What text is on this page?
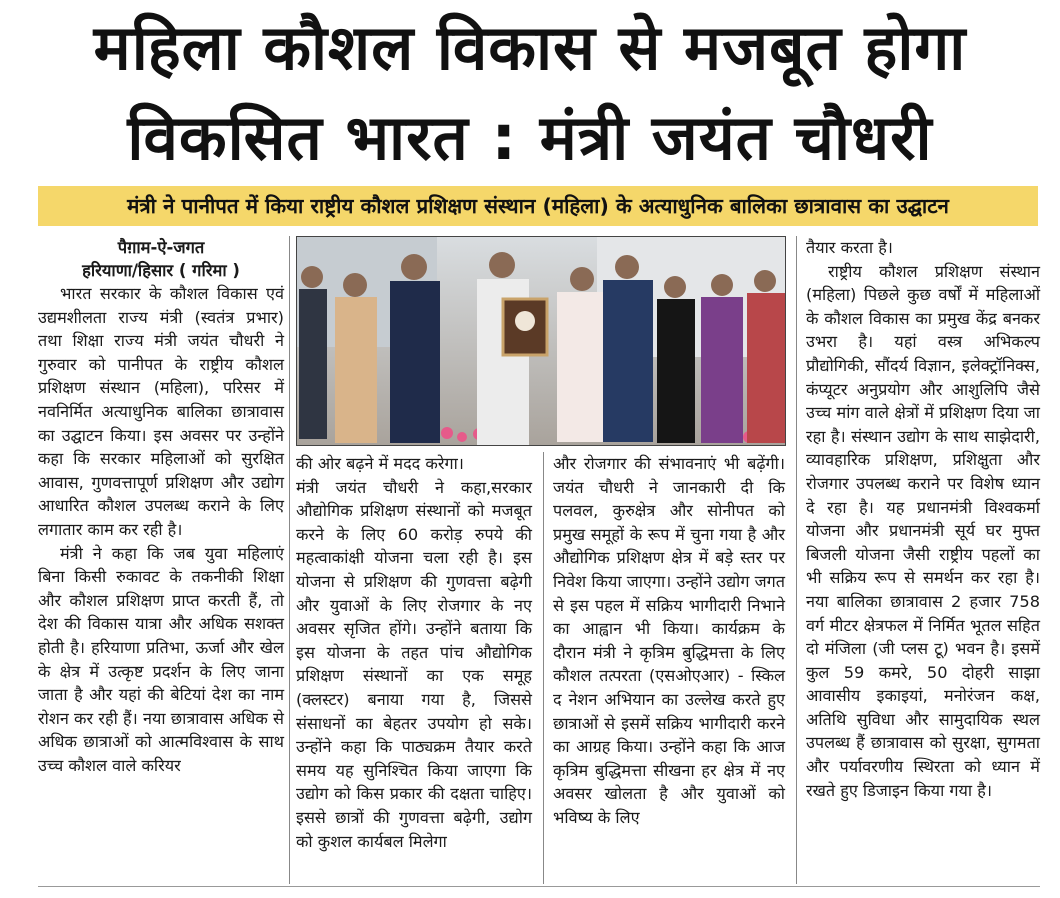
महिला कौशल विकास से मजबूत होगा
विकसित भारत : मंत्री जयंत चौधरी
मंत्री ने पानीपत में किया राष्ट्रीय कौशल प्रशिक्षण संस्थान (महिला) के अत्याधुनिक बालिका छात्रावास का उद्घाटन
पैग़ाम-ऐ-जगत
हरियाणा/हिसार ( गरिमा )

भारत सरकार के कौशल विकास एवं उद्यमशीलता राज्य मंत्री (स्वतंत्र प्रभार) तथा शिक्षा राज्य मंत्री जयंत चौधरी ने गुरुवार को पानीपत के राष्ट्रीय कौशल प्रशिक्षण संस्थान (महिला), परिसर में नवनिर्मित अत्याधुनिक बालिका छात्रावास का उद्घाटन किया। इस अवसर पर उन्होंने कहा कि सरकार महिलाओं को सुरक्षित आवास, गुणवत्तापूर्ण प्रशिक्षण और उद्योग आधारित कौशल उपलब्ध कराने के लिए लगातार काम कर रही है।

मंत्री ने कहा कि जब युवा महिलाएं बिना किसी रुकावट के तकनीकी शिक्षा और कौशल प्रशिक्षण प्राप्त करती हैं, तो देश की विकास यात्रा और अधिक सशक्त होती है। हरियाणा प्रतिभा, ऊर्जा और खेल के क्षेत्र में उत्कृष्ट प्रदर्शन के लिए जाना जाता है और यहां की बेटियां देश का नाम रोशन कर रही हैं। नया छात्रावास अधिक से अधिक छात्राओं को आत्मविश्वास के साथ उच्च कौशल वाले करियर

की ओर बढ़ने में मदद करेगा।

मंत्री जयंत चौधरी ने कहा,सरकार औद्योगिक प्रशिक्षण संस्थानों को मजबूत करने के लिए 60 करोड़ रुपये की महत्वाकांक्षी योजना चला रही है। इस योजना से प्रशिक्षण की गुणवत्ता बढ़ेगी और युवाओं के लिए रोजगार के नए अवसर सृजित होंगे। उन्होंने बताया कि इस योजना के तहत पांच औद्योगिक प्रशिक्षण संस्थानों का एक समूह (क्लस्टर) बनाया गया है, जिससे संसाधनों का बेहतर उपयोग हो सके। उन्होंने कहा कि पाठ्यक्रम तैयार करते समय यह सुनिश्चित किया जाएगा कि उद्योग को किस प्रकार की दक्षता चाहिए। इससे छात्रों की गुणवत्ता बढ़ेगी, उद्योग को कुशल कार्यबल मिलेगा

और रोजगार की संभावनाएं भी बढ़ेंगी। जयंत चौधरी ने जानकारी दी कि पलवल, कुरुक्षेत्र और सोनीपत को प्रमुख समूहों के रूप में चुना गया है और औद्योगिक प्रशिक्षण क्षेत्र में बड़े स्तर पर निवेश किया जाएगा। उन्होंने उद्योग जगत से इस पहल में सक्रिय भागीदारी निभाने का आह्वान भी किया। कार्यक्रम के दौरान मंत्री ने कृत्रिम बुद्धिमत्ता के लिए कौशल तत्परता (एसओएआर) - स्किल द नेशन अभियान का उल्लेख करते हुए छात्राओं से इसमें सक्रिय भागीदारी करने का आग्रह किया। उन्होंने कहा कि आज कृत्रिम बुद्धिमत्ता सीखना हर क्षेत्र में नए अवसर खोलता है और युवाओं को भविष्य के लिए

तैयार करता है।

राष्ट्रीय कौशल प्रशिक्षण संस्थान (महिला) पिछले कुछ वर्षों में महिलाओं के कौशल विकास का प्रमुख केंद्र बनकर उभरा है। यहां वस्त्र अभिकल्प प्रौद्योगिकी, सौंदर्य विज्ञान, इलेक्ट्रॉनिक्स, कंप्यूटर अनुप्रयोग और आशुलिपि जैसे उच्च मांग वाले क्षेत्रों में प्रशिक्षण दिया जा रहा है। संस्थान उद्योग के साथ साझेदारी, व्यावहारिक प्रशिक्षण, प्रशिक्षुता और रोजगार उपलब्ध कराने पर विशेष ध्यान दे रहा है। यह प्रधानमंत्री विश्वकर्मा योजना और प्रधानमंत्री सूर्य घर मुफ्त बिजली योजना जैसी राष्ट्रीय पहलों का भी सक्रिय रूप से समर्थन कर रहा है। नया बालिका छात्रावास 2 हजार 758 वर्ग मीटर क्षेत्रफल में निर्मित भूतल सहित दो मंजिला (जी प्लस टू) भवन है। इसमें कुल 59 कमरे, 50 दोहरी साझा आवासीय इकाइयां, मनोरंजन कक्ष, अतिथि सुविधा और सामुदायिक स्थल उपलब्ध हैं छात्रावास को सुरक्षा, सुगमता और पर्यावरणीय स्थिरता को ध्यान में रखते हुए डिजाइन किया गया है।
